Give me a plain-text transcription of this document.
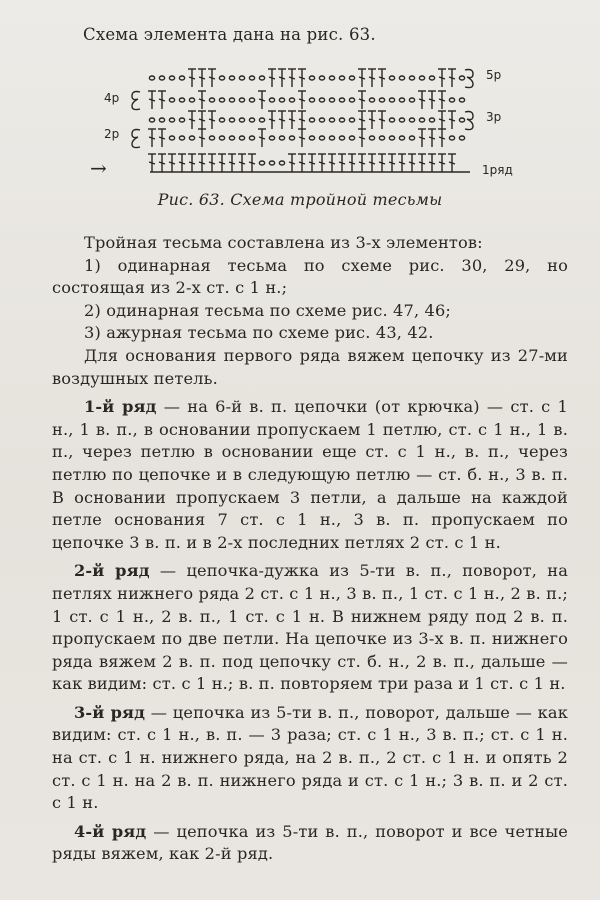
Схема элемента дана на рис. 63.
5р
4р
3р
2р
1ряд
→
Рис. 63. Схема тройной тесьмы

Тройная тесьма составлена из 3-х элементов:

1) одинарная тесьма по схеме рис. 30, 29, но состоящая из 2-х ст. с 1 н.;

2) одинарная тесьма по схеме рис. 47, 46;

3) ажурная тесьма по схеме рис. 43, 42.

Для основания первого ряда вяжем цепочку из 27-ми воздушных петель.

1-й ряд — на 6-й в. п. цепочки (от крючка) — ст. с 1 н., 1 в. п., в основании пропускаем 1 петлю, ст. с 1 н., 1 в. п., через петлю в основании еще ст. с 1 н., в. п., через петлю по цепочке и в следующую петлю — ст. б. н., 3 в. п. В основании пропускаем 3 петли, а дальше на каждой петле основания 7 ст. с 1 н., 3 в. п. пропускаем по цепочке 3 в. п. и в 2-х последних петлях 2 ст. с 1 н.

2-й ряд — цепочка-дужка из 5-ти в. п., поворот, на петлях нижнего ряда 2 ст. с 1 н., 3 в. п., 1 ст. с 1 н., 2 в. п.; 1 ст. с 1 н., 2 в. п., 1 ст. с 1 н. В нижнем ряду под 2 в. п. пропускаем по две петли. На цепочке из 3-х в. п. нижнего ряда вяжем 2 в. п. под цепочку ст. б. н., 2 в. п., дальше — как видим: ст. с 1 н.; в. п. повторяем три раза и 1 ст. с 1 н.

3-й ряд — цепочка из 5-ти в. п., поворот, дальше — как видим: ст. с 1 н., в. п. — 3 раза; ст. с 1 н., 3 в. п.; ст. с 1 н. на ст. с 1 н. нижнего ряда, на 2 в. п., 2 ст. с 1 н. и опять 2 ст. с 1 н. на 2 в. п. нижнего ряда и ст. с 1 н.; 3 в. п. и 2 ст. с 1 н.

4-й ряд — цепочка из 5-ти в. п., поворот и все четные ряды вяжем, как 2-й ряд.
